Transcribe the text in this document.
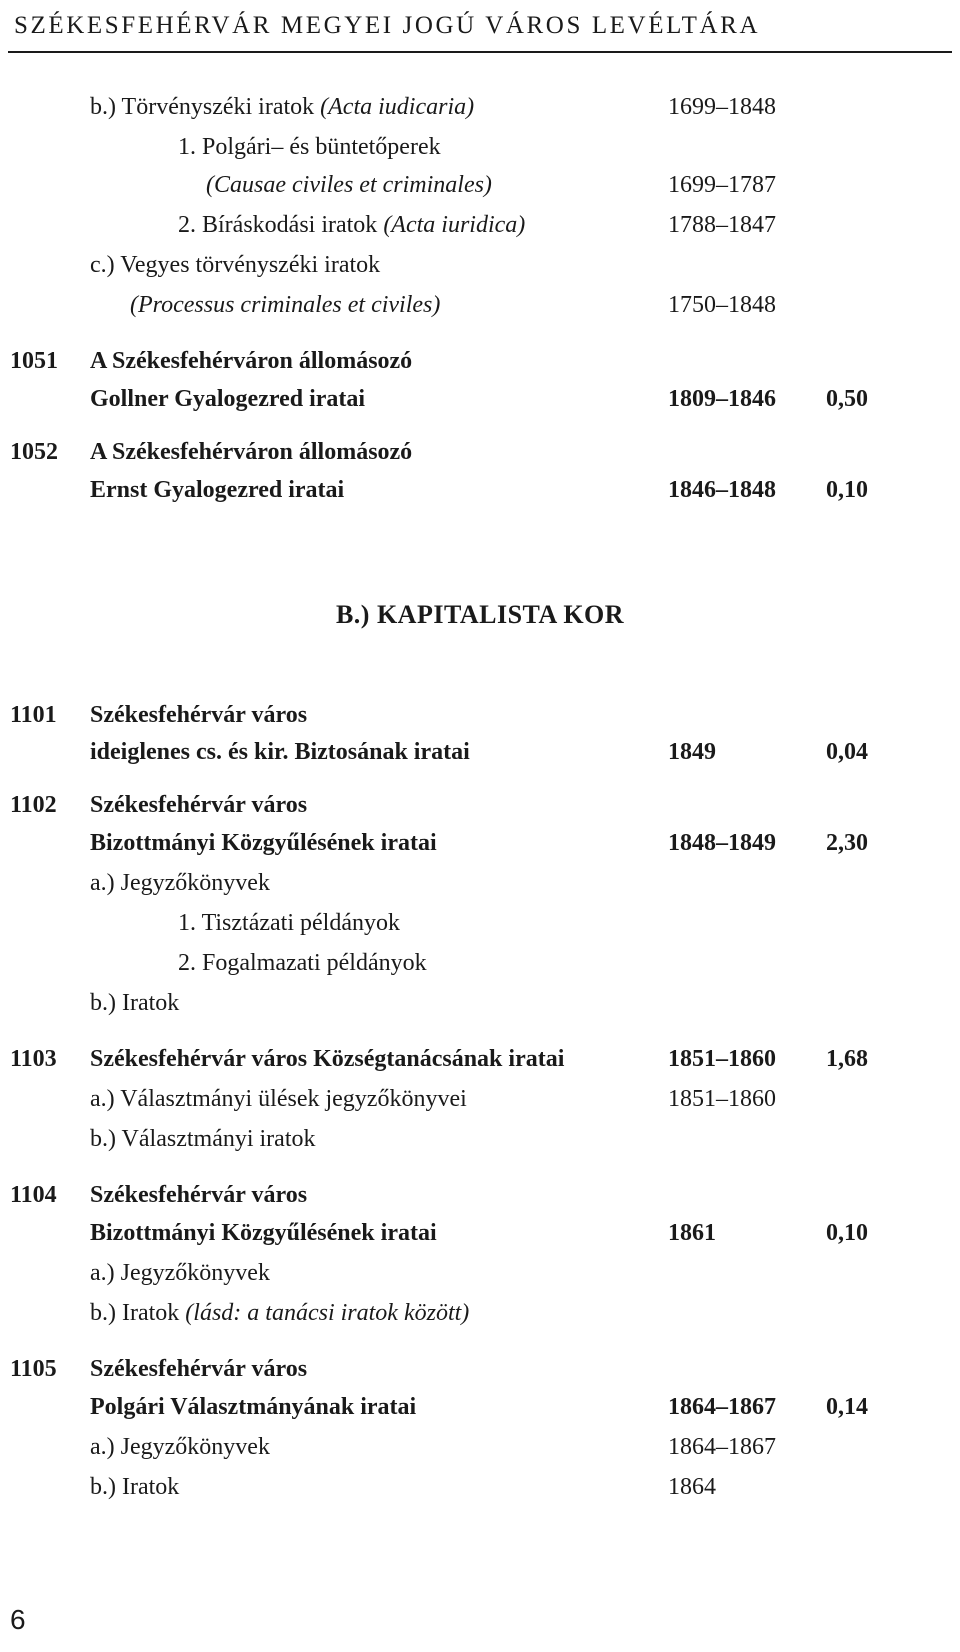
SZÉKESFEHÉRVÁR MEGYEI JOGÚ VÁROS LEVÉLTÁRA
b.) Törvényszéki iratok (Acta iudicaria)	1699–1848
1. Polgári– és büntetőperek
(Causae civiles et criminales)	1699–1787
2. Bíráskodási iratok (Acta iuridica)	1788–1847
c.) Vegyes törvényszéki iratok
(Processus criminales et civiles)	1750–1848
1051 A Székesfehérváron állomásozó
Gollner Gyalogezred iratai	1809–1846 0,50
1052 A Székesfehérváron állomásozó
Ernst Gyalogezred iratai	1846–1848 0,10
B.) KAPITALISTA KOR
1101 Székesfehérvár város
ideiglenes cs. és kir. Biztosának iratai	1849	0,04
1102 Székesfehérvár város
Bizottmányi Közgyűlésének iratai	1848–1849 2,30
a.) Jegyzőkönyvek
1. Tisztázati példányok
2. Fogalmazati példányok
b.) Iratok
1103 Székesfehérvár város Községtanácsának iratai	1851–1860 1,68
a.) Választmányi ülések jegyzőkönyvei	1851–1860
b.) Választmányi iratok
1104 Székesfehérvár város
Bizottmányi Közgyűlésének iratai	1861	0,10
a.) Jegyzőkönyvek
b.) Iratok (lásd: a tanácsi iratok között)
1105 Székesfehérvár város
Polgári Választmányának iratai	1864–1867 0,14
a.) Jegyzőkönyvek	1864–1867
b.) Iratok	1864
6
